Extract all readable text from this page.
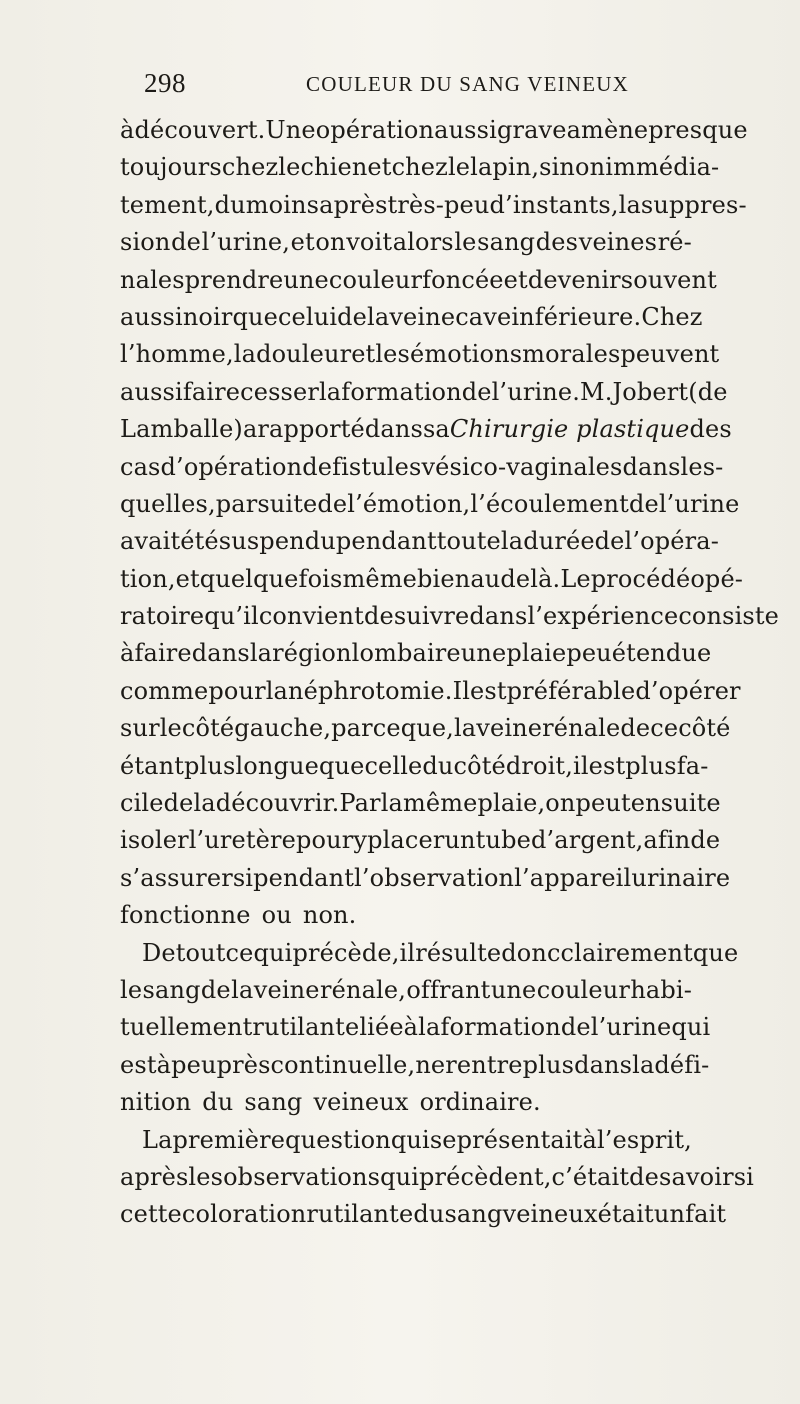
298	COULEUR DU SANG VEINEUX
à découvert. Une opération aussi grave amène presque
toujours chez le chien et chez le lapin, sinon immédia-
tement, du moins après très-peu d’instants, la suppres-
sion de l’urine, et on voit alors le sang des veines ré-
nales prendre une couleur foncée et devenir souvent
aussi noir que celui de la veine cave inférieure. Chez
l’homme, la douleur et les émotions morales peuvent
aussi faire cesser la formation de l’urine. M. Jobert (de
Lamballe) a rapporté dans sa Chirurgie plastique des
cas d’opération de fistules vésico-vaginales dans les-
quelles, par suite de l’émotion, l’écoulement de l’urine
avait été suspendu pendant toute la durée de l’opéra-
tion, et quelquefois même bien au delà. Le procédé opé-
ratoire qu’il convient de suivre dans l’expérience consiste
à faire dans la région lombaire une plaie peu étendue
comme pour la néphrotomie. Il est préférable d’opérer
sur le côté gauche, parce que, la veine rénale de ce côté
étant plus longue que celle du côté droit, il est plus fa-
cile de la découvrir. Par la même plaie, on peut ensuite
isoler l’uretère pour y placer un tube d’argent, afin de
s’assurer si pendant l’observation l’appareil urinaire
fonctionne ou non.
De tout ce qui précède, il résulte donc clairement que
le sang de la veine rénale, offrant une couleur habi-
tuellement rutilante liée à la formation de l’urine qui
est à peu près continuelle, ne rentre plus dans la défi-
nition du sang veineux ordinaire.
La première question qui se présentait à l’esprit,
après les observations qui précèdent, c’était de savoir si
cette coloration rutilante du sang veineux était un fait
